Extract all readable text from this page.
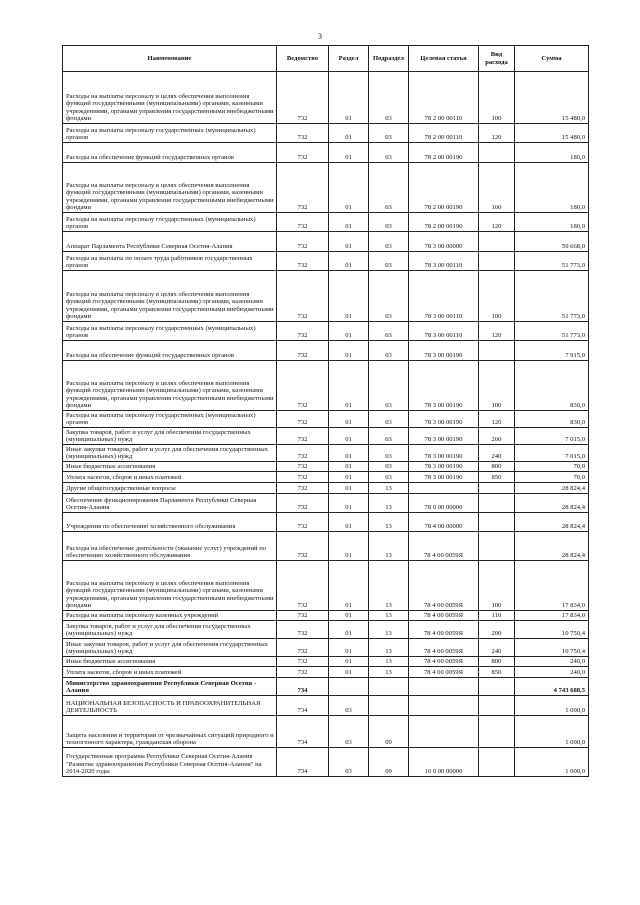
3
Наименование	Ведомство	Раздел	Подраздел	Целевая статья	Вид расхода	Сумма
Расходы на выплаты персоналу в целях обеспечения выполнения функций государственными (муниципальными) органами, казенными учреждениями, органами управления государственными внебюджетными фондами	732	01	03	78 2 00 00110	100	15 480,0
Расходы на выплаты персоналу государственных (муниципальных) органов	732	01	03	78 2 00 00110	120	15 480,0
Расходы на обеспечение функций государственных органов	732	01	03	78 2 00 00190		180,0
Расходы на выплаты персоналу в целях обеспечения выполнения функций государственными (муниципальными) органами, казенными учреждениями, органами управления государственными внебюджетными фондами	732	01	03	78 2 00 00190	100	180,0
Расходы на выплаты персоналу государственных (муниципальных) органов	732	01	03	78 2 00 00190	120	180,0
Аппарат Парламента Республики Северная Осетия-Алания	732	01	03	78 3 00 00000		59 668,0
Расходы на выплаты по оплате труда работников государственных органов	732	01	03	78 3 00 00110		51 773,0
Расходы на выплаты персоналу в целях обеспечения выполнения функций государственными (муниципальными) органами, казенными учреждениями, органами управления государственными внебюджетными фондами	732	01	03	78 3 00 00110	100	51 773,0
Расходы на выплаты персоналу государственных (муниципальных) органов	732	01	03	78 3 00 00110	120	51 773,0
Расходы на обеспечение функций государственных органов	732	01	03	78 3 00 00190		7 915,0
Расходы на выплаты персоналу в целях обеспечения выполнения функций государственными (муниципальными) органами, казенными учреждениями, органами управления государственными внебюджетными фондами	732	01	03	78 3 00 00190	100	830,0
Расходы на выплаты персоналу государственных (муниципальных) органов	732	01	03	78 3 00 00190	120	830,0
Закупка товаров, работ и услуг для обеспечения государственных (муниципальных) нужд	732	01	03	78 3 00 00190	200	7 015,0
Иные закупки товаров, работ и услуг для обеспечения государственных (муниципальных) нужд	732	01	03	78 3 00 00190	240	7 015,0
Иные бюджетные ассигнования	732	01	03	78 3 00 00190	800	70,0
Уплата налогов, сборов и иных платежей	732	01	03	78 3 00 00190	850	70,0
Другие общегосударственные вопросы	732	01	13			28 824,4
Обеспечение функционирования Парламента Республики Северная Осетия-Алания	732	01	13	78 0 00 00000		28 824,4
Учреждения по обеспечению хозяйственного обслуживания	732	01	13	78 4 00 00000		28 824,4
Расходы на обеспечение деятельности (оказание услуг) учреждений по обеспечению хозяйственного обслуживания	732	01	13	78 4 00 0059Я		28 824,4
Расходы на выплаты персоналу в целях обеспечения выполнения функций государственными (муниципальными) органами, казенными учреждениями, органами управления государственными внебюджетными фондами	732	01	13	78 4 00 0059Я	100	17 834,0
Расходы на выплаты персоналу казенных учреждений	732	01	13	78 4 00 0059Я	110	17 834,0
Закупка товаров, работ и услуг для обеспечения государственных (муниципальных) нужд	732	01	13	78 4 00 0059Я	200	10 750,4
Иные закупки товаров, работ и услуг для обеспечения государственных (муниципальных) нужд	732	01	13	78 4 00 0059Я	240	10 750,4
Иные бюджетные ассигнования	732	01	13	78 4 00 0059Я	800	240,0
Уплата налогов, сборов и иных платежей	732	01	13	78 4 00 0059Я	850	240,0
Министерство здравоохранения Республики Северная Осетия - Алания	734					4 743 688,5
НАЦИОНАЛЬНАЯ БЕЗОПАСНОСТЬ И ПРАВООХРАНИТЕЛЬНАЯ ДЕЯТЕЛЬНОСТЬ	734	03				1 000,0
Защита населения и территории от чрезвычайных ситуаций природного и техногенного характера, гражданская оборона	734	03	09			1 000,0
Государственная программа Республики Северная Осетия-Алания "Развитие здравоохранения Республики Северная Осетия-Алания" на 2014-2020 годы	734	03	09	10 0 00 00000		1 000,0
